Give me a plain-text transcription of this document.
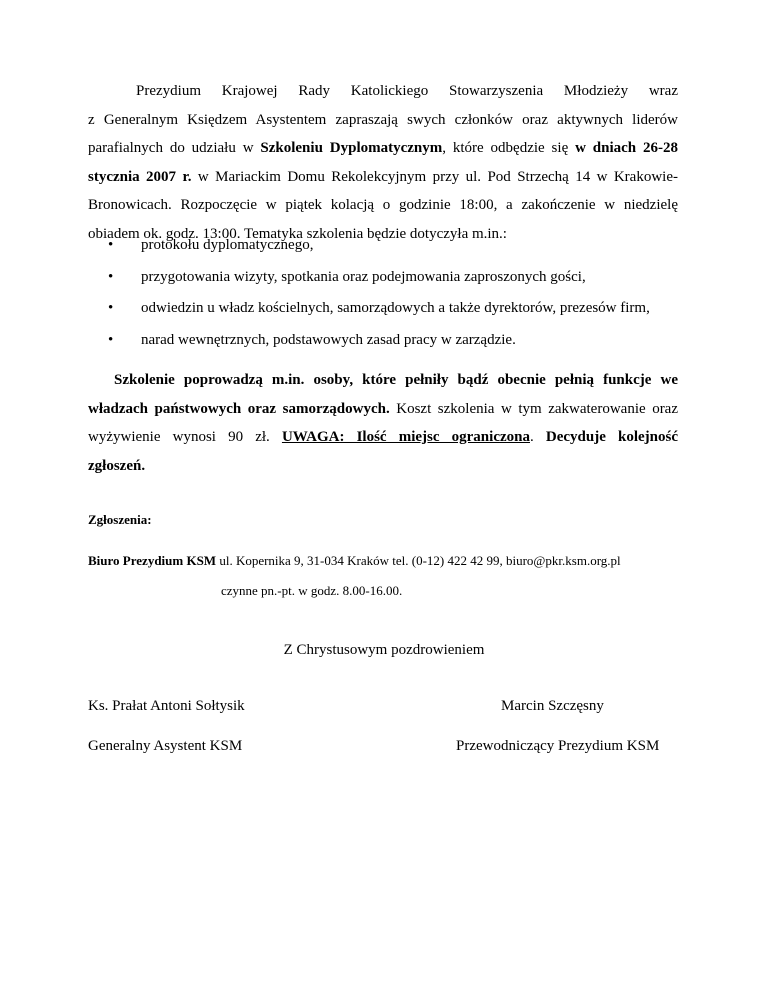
Prezydium Krajowej Rady Katolickiego Stowarzyszenia Młodzieży wraz
z Generalnym Księdzem Asystentem zapraszają swych członków oraz aktywnych liderów
parafialnych do udziału w Szkoleniu Dyplomatycznym, które odbędzie się w dniach 26-28
stycznia 2007 r. w Mariackim Domu Rekolekcyjnym przy ul. Pod Strzechą 14 w Krakowie-
Bronowicach. Rozpoczęcie w piątek kolacją o godzinie 18:00, a zakończenie w niedzielę
obiadem ok. godz. 13:00. Tematyka szkolenia będzie dotyczyła m.in.:
• protokołu dyplomatycznego,
• przygotowania wizyty, spotkania oraz podejmowania zaproszonych gości,
• odwiedzin u władz kościelnych, samorządowych a także dyrektorów, prezesów firm,
• narad wewnętrznych, podstawowych zasad pracy w zarządzie.
Szkolenie poprowadzą m.in. osoby, które pełniły bądź obecnie pełnią funkcje we
władzach państwowych oraz samorządowych. Koszt szkolenia w tym zakwaterowanie oraz
wyżywienie wynosi 90 zł. UWAGA: Ilość miejsc ograniczona. Decyduje kolejność
zgłoszeń.
Zgłoszenia:
Biuro Prezydium KSM ul. Kopernika 9, 31-034 Kraków tel. (0-12) 422 42 99, biuro@pkr.ksm.org.pl
czynne pn.-pt. w godz. 8.00-16.00.
Z Chrystusowym pozdrowieniem
Ks. Prałat Antoni Sołtysik
Generalny Asystent KSM
Marcin Szczęsny
Przewodniczący Prezydium KSM
